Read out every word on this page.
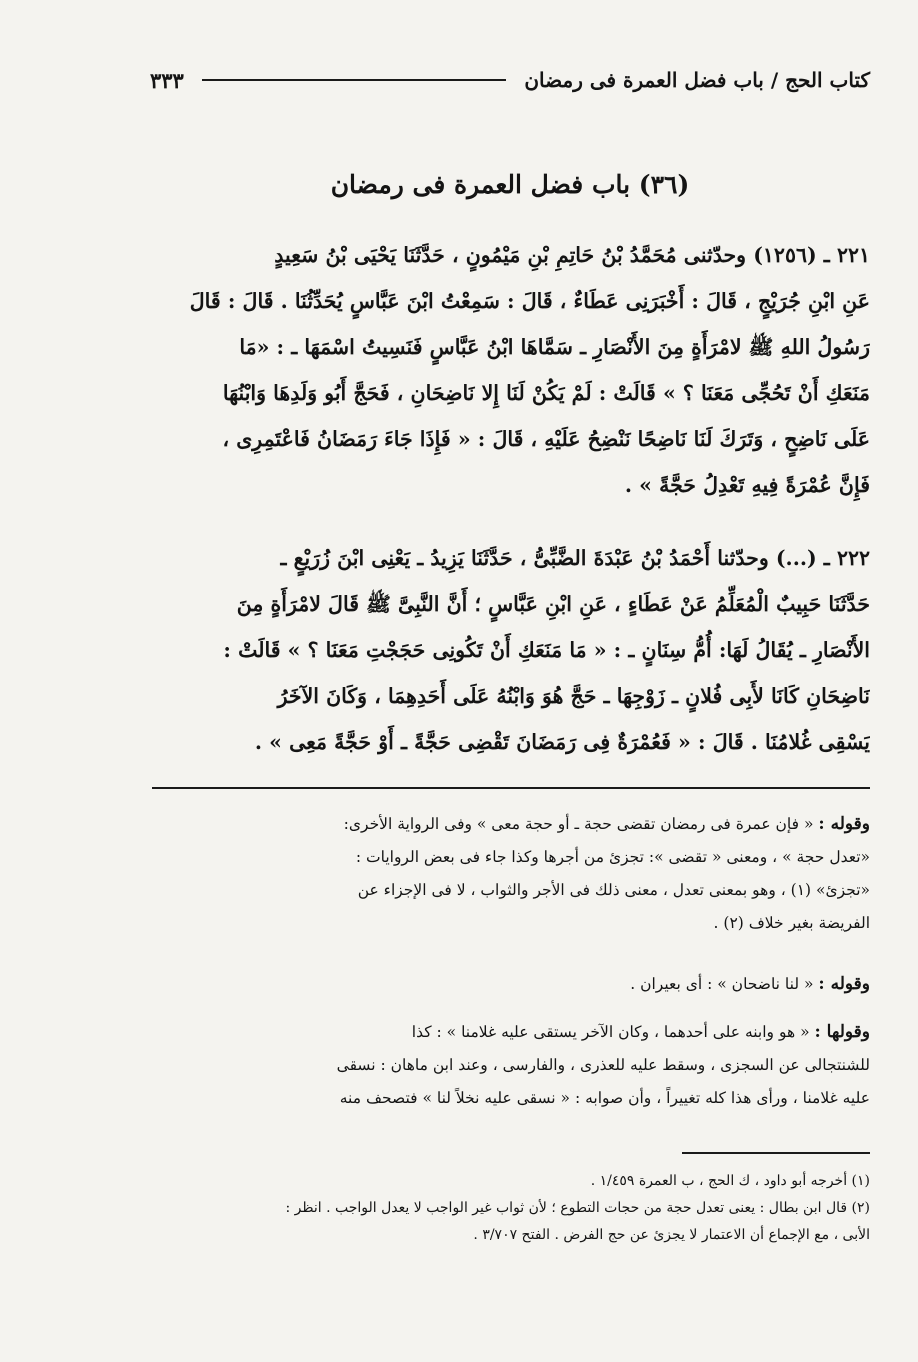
كتاب الحج / باب فضل العمرة فى رمضان
٣٣٣
(٣٦) باب فضل العمرة فى رمضان
٢٢١ ـ (١٢٥٦) وحدّثنى مُحَمَّدُ بْنُ حَاتِمِ بْنِ مَيْمُونٍ ، حَدَّثَنَا يَحْيَى بْنُ سَعِيدٍ
عَنِ ابْنِ جُرَيْجٍ ، قَالَ : أَخْبَرَنِى عَطَاءٌ ، قَالَ : سَمِعْتُ ابْنَ عَبَّاسٍ يُحَدِّثُنَا . قَالَ : قَالَ
رَسُولُ اللهِ ﷺ لامْرَأَةٍ مِنَ الأَنْصَارِ ـ سَمَّاهَا ابْنُ عَبَّاسٍ فَنَسِيتُ اسْمَهَا ـ : «مَا
مَنَعَكِ أَنْ تَحُجِّى مَعَنَا ؟ » قَالَتْ : لَمْ يَكُنْ لَنَا إِلا نَاضِحَانِ ، فَحَجَّ أَبُو وَلَدِهَا وَابْنُهَا
عَلَى نَاضِحٍ ، وَتَرَكَ لَنَا نَاضِحًا نَنْضِحُ عَلَيْهِ ، قَالَ : « فَإِذَا جَاءَ رَمَضَانُ فَاعْتَمِرِى ،
فَإِنَّ عُمْرَةً فِيهِ تَعْدِلُ حَجَّةً » .
٢٢٢ ـ (...) وحدّثنا أَحْمَدُ بْنُ عَبْدَةَ الضَّبِّىُّ ، حَدَّثَنَا يَزِيدُ ـ يَعْنِى ابْنَ زُرَيْعٍ ـ
حَدَّثَنَا حَبِيبٌ الْمُعَلِّمُ عَنْ عَطَاءٍ ، عَنِ ابْنِ عَبَّاسٍ ؛ أَنَّ النَّبِىَّ ﷺ قَالَ لامْرَأَةٍ مِنَ
الأَنْصَارِ ـ يُقَالُ لَهَا: أُمُّ سِنَانٍ ـ : « مَا مَنَعَكِ أَنْ تَكُونِى حَجَجْتِ مَعَنَا ؟ » قَالَتْ :
نَاضِحَانِ كَانَا لأَبِى فُلانٍ ـ زَوْجِهَا ـ حَجَّ هُوَ وَابْنُهُ عَلَى أَحَدِهِمَا ، وَكَانَ الآخَرُ
يَسْقِى غُلامُنَا . قَالَ : « فَعُمْرَةٌ فِى رَمَضَانَ تَقْضِى حَجَّةً ـ أَوْ حَجَّةً مَعِى » .
وقوله : « فإن عمرة فى رمضان تقضى حجة ـ أو حجة معى » وفى الرواية الأخرى:
«تعدل حجة » ، ومعنى « تقضى »: تجزئ من أجرها وكذا جاء فى بعض الروايات :
«تجزئ» (١) ، وهو بمعنى تعدل ، معنى ذلك فى الأجر والثواب ، لا فى الإجزاء عن
الفريضة بغير خلاف (٢) .
وقوله : « لنا ناضحان » : أى بعيران .
وقولها : « هو وابنه على أحدهما ، وكان الآخر يستقى عليه غلامنا » : كذا
للشنتجالى عن السجزى ، وسقط عليه للعذرى ، والفارسى ، وعند ابن ماهان : نسقى
عليه غلامنا ، ورأى هذا كله تغييراً ، وأن صوابه : « نسقى عليه نخلاً لنا » فتصحف منه
(١) أخرجه أبو داود ، ك الحج ، ب العمرة ١/٤٥٩ .
(٢) قال ابن بطال : يعنى تعدل حجة من حجات التطوع ؛ لأن ثواب غير الواجب لا يعدل الواجب . انظر :
الأبى ، مع الإجماع أن الاعتمار لا يجزئ عن حج الفرض . الفتح ٣/٧٠٧ .
